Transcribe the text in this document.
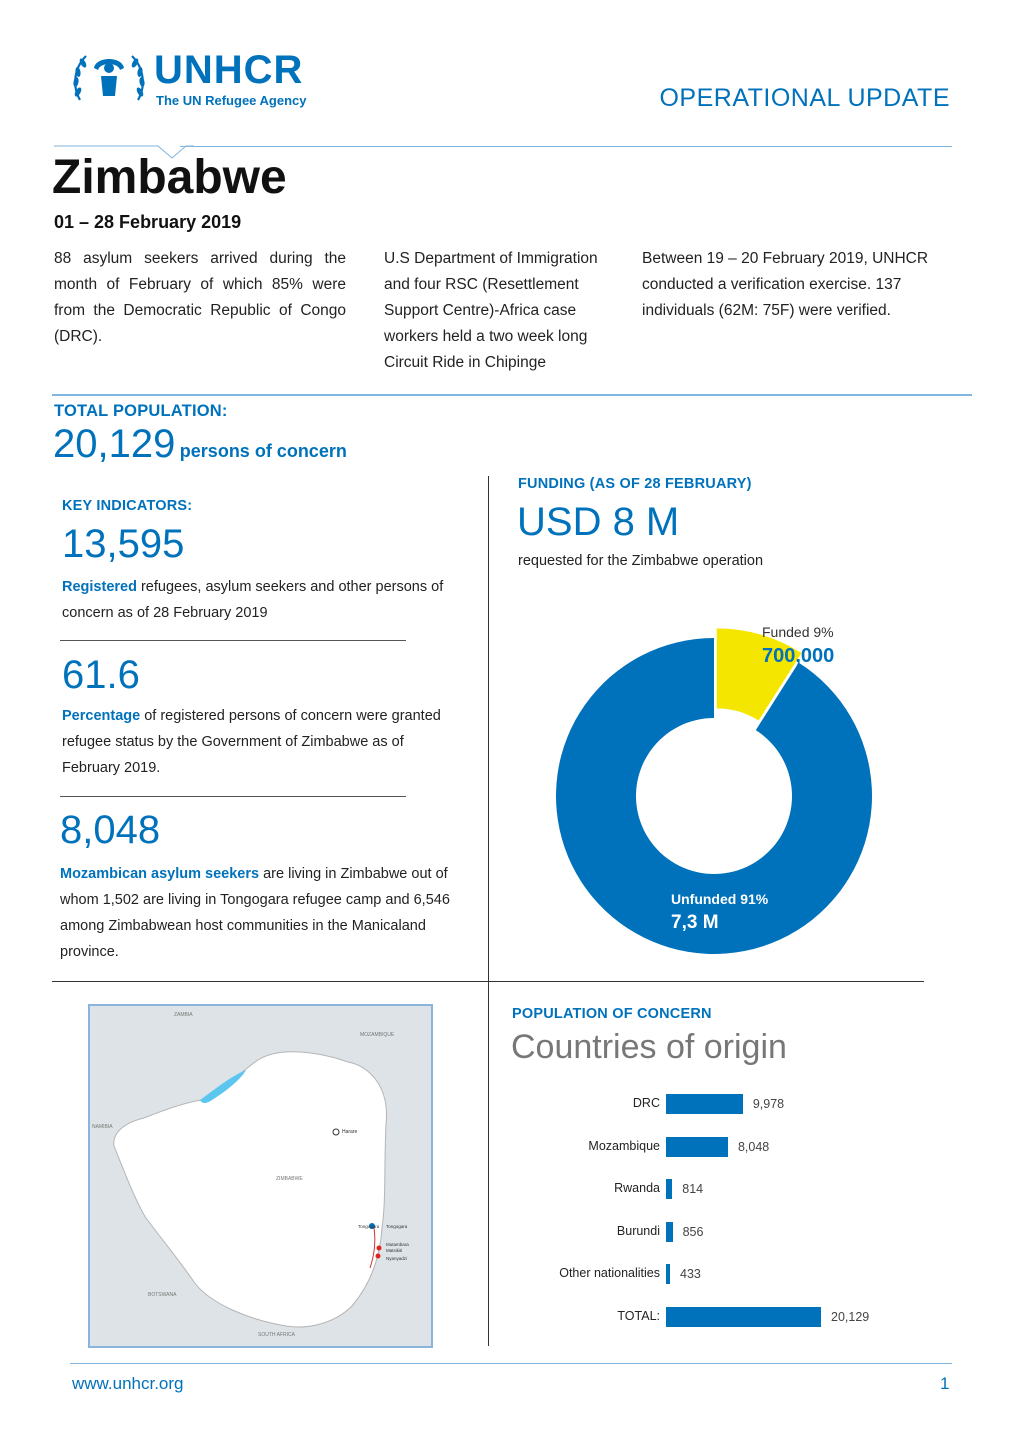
UNHCR
The UN Refugee Agency	OPERATIONAL UPDATE
Zimbabwe
01 – 28 February 2019
88 asylum seekers arrived during the month of February of which 85% were from the Democratic Republic of Congo (DRC).
U.S Department of Immigration and four RSC (Resettlement Support Centre)-Africa case workers held a two week long Circuit Ride in Chipinge
Between 19 – 20 February 2019, UNHCR conducted a verification exercise. 137 individuals (62M: 75F) were verified.
TOTAL POPULATION:
20,129 persons of concern
KEY INDICATORS:
13,595
Registered refugees, asylum seekers and other persons of concern as of 28 February 2019
61.6
Percentage of registered persons of concern were granted refugee status by the Government of Zimbabwe as of February 2019.
8,048
Mozambican asylum seekers are living in Zimbabwe out of whom 1,502 are living in Tongogara refugee camp and 6,546 among Zimbabwean host communities in the Manicaland province.
FUNDING (AS OF 28 FEBRUARY)
USD 8 M
requested for the Zimbabwe operation
Funded 9%
700,000
Unfunded 91%
7,3 M
ZAMBIA
MOZAMBIQUE
NAMIBIA
Harare
ZIMBABWE
Tongogara Tongogara
Mutambara
Matsikiti
Nyanyadzi
BOTSWANA
SOUTH AFRICA
POPULATION OF CONCERN
Countries of origin
DRC	9,978
Mozambique	8,048
Rwanda 814
Burundi 856
Other nationalities 433
TOTAL:	20,129
www.unhcr.org	1
